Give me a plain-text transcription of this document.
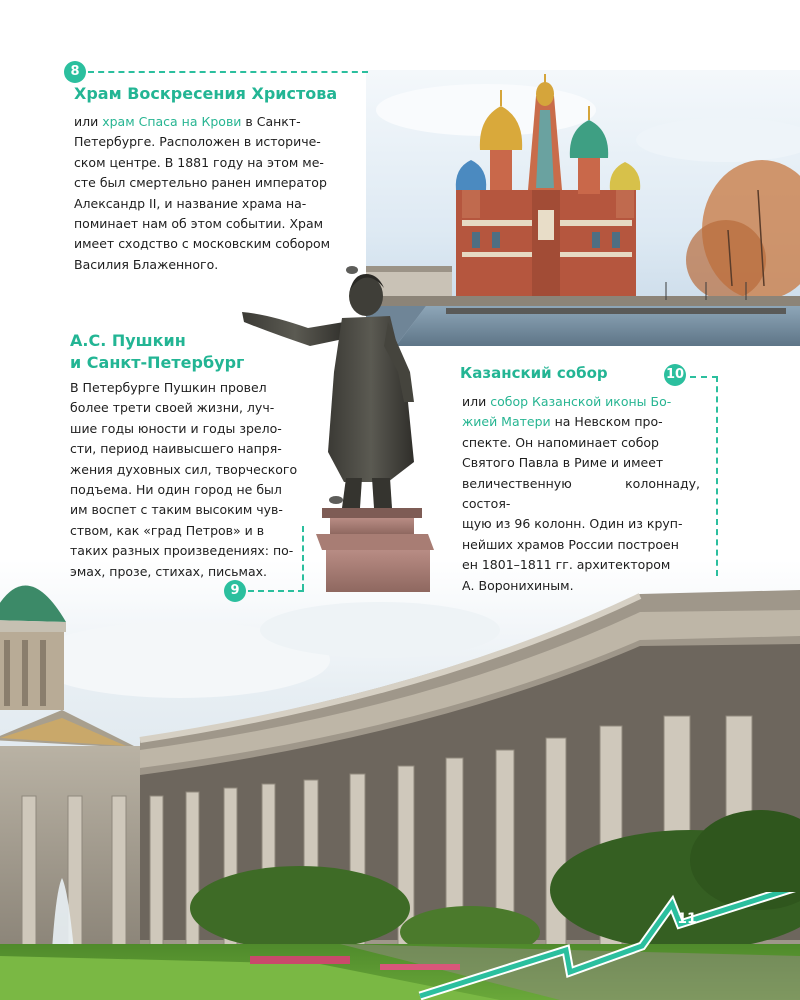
8
Храм Воскресения Христова
или храм Спаса на Крови в Санкт-
Петербурге. Расположен в историче-
ском центре. В 1881 году на этом ме-
сте был смертельно ранен император
Александр II, и название храма на-
поминает нам об этом событии. Храм
имеет сходство с московским собором
Василия Блаженного.
А.С. Пушкин
и Санкт-Петербург
В Петербурге Пушкин провел
более трети своей жизни, луч-
шие годы юности и годы зрело-
сти, период наивысшего напря-
жения духовных сил, творческого
подъема. Ни один город не был
им воспет с таким высоким чув-
ством, как «град Петров» и в
таких разных произведениях: по-
эмах, прозе, стихах, письмах.
9
Казанский собор	10
или собор Казанской иконы Бо-
жией Матери на Невском про-
спекте. Он напоминает собор
Святого Павла в Риме и имеет
величественную колоннаду, состоя-
щую из 96 колонн. Один из круп-
нейших храмов России построен
ен 1801–1811 гг. архитектором
А. Воронихиным.
11
